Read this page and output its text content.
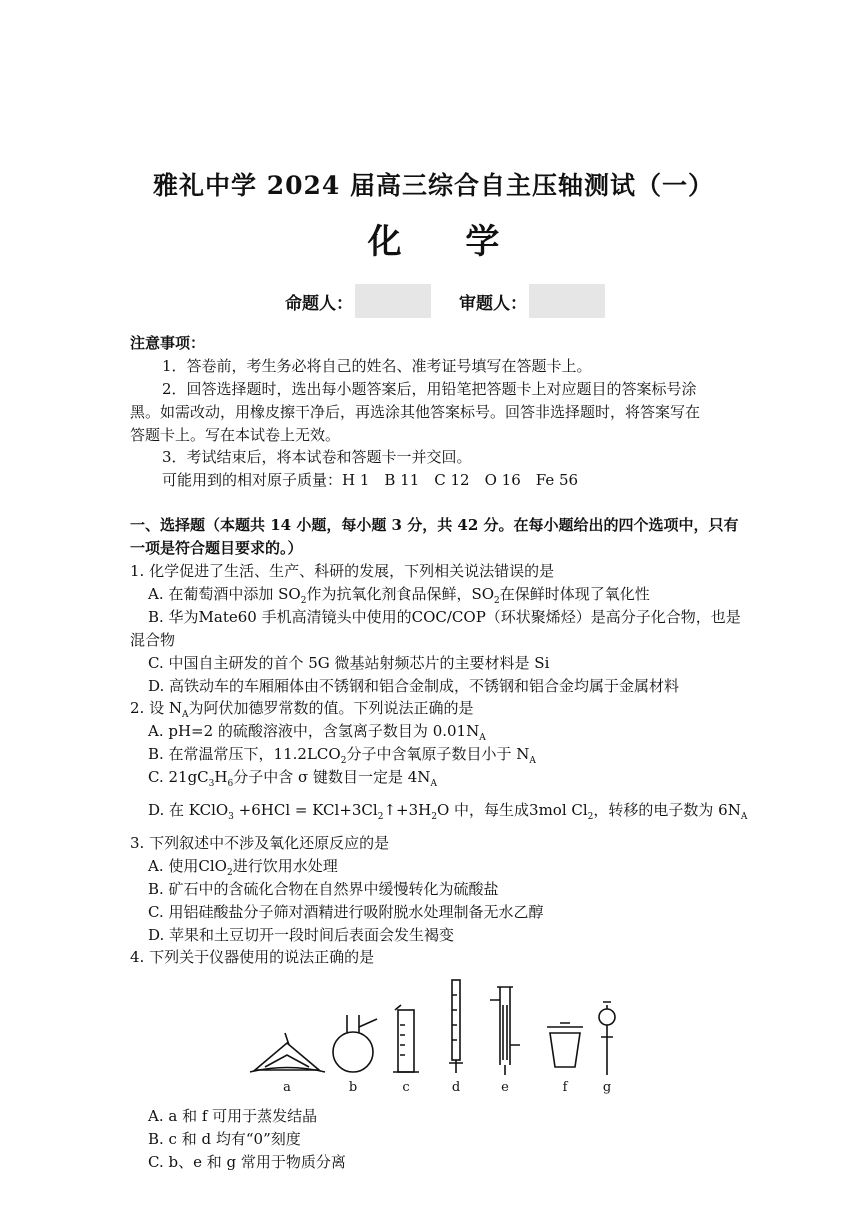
雅礼中学 2024 届高三综合自主压轴测试（一）
化 学
命题人：	审题人：
注意事项：
1．答卷前，考生务必将自己的姓名、准考证号填写在答题卡上。
2．回答选择题时，选出每小题答案后，用铅笔把答题卡上对应题目的答案标号涂
黑。如需改动，用橡皮擦干净后，再选涂其他答案标号。回答非选择题时，将答案写在
答题卡上。写在本试卷上无效。
3．考试结束后，将本试卷和答题卡一并交回。
可能用到的相对原子质量：H 1　B 11　C 12　O 16　Fe 56
一、选择题（本题共 14 小题，每小题 3 分，共 42 分。在每小题给出的四个选项中，只有
一项是符合题目要求的。）
1. 化学促进了生活、生产、科研的发展，下列相关说法错误的是
A. 在葡萄酒中添加 $SO_2$作为抗氧化剂食品保鲜，$SO_2$在保鲜时体现了氧化性
B. 华为Mate60 手机高清镜头中使用的COC/COP（环状聚烯烃）是高分子化合物，也是
混合物
C. 中国自主研发的首个 5G 微基站射频芯片的主要材料是 Si
D. 高铁动车的车厢厢体由不锈钢和铝合金制成，不锈钢和铝合金均属于金属材料
2. 设 $N_A$为阿伏加德罗常数的值。下列说法正确的是
A. pH=2 的硫酸溶液中，含氢离子数目为 $0.01N_A$
B. 在常温常压下，$11.2LCO_2$分子中含氧原子数目小于 $N_A$
C. $21gC_3H_6$分子中含 σ 键数目一定是 $4N_A$
D. 在 KClO$_3$ $+6HCl = KCl+3Cl_2↑+3H_2O$ 中，每生成3mol $Cl_2$，转移的电子数为 $6N_A$
3. 下列叙述中不涉及氧化还原反应的是
A. 使用ClO$_2$进行饮用水处理
B. 矿石中的含硫化合物在自然界中缓慢转化为硫酸盐
C. 用铝硅酸盐分子筛对酒精进行吸附脱水处理制备无水乙醇
D. 苹果和土豆切开一段时间后表面会发生褐变
4. 下列关于仪器使用的说法正确的是
a	b	c	d	e	f	g
A. a 和 f 可用于蒸发结晶
B. c 和 d 均有“0”刻度
C. b、e 和 g 常用于物质分离
